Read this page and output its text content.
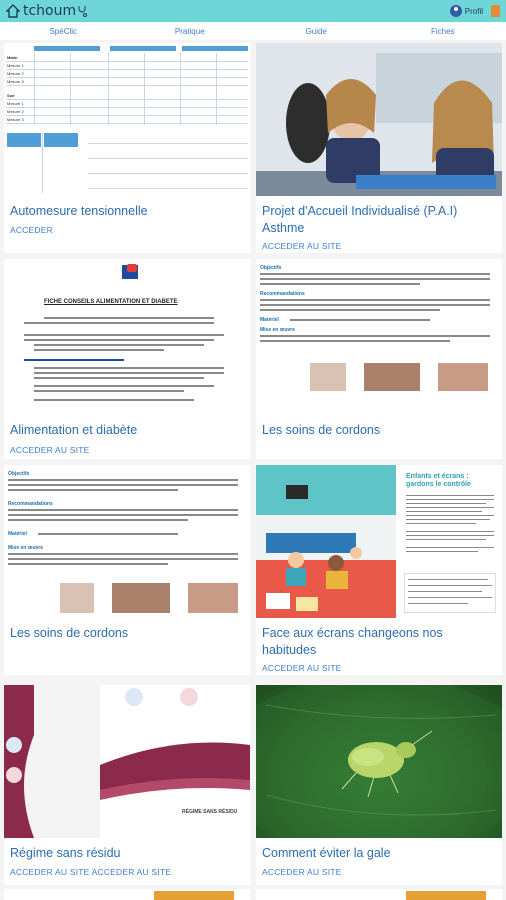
tchoum	Profil
SpéClic	Pratique	Guide	Fiches
Matin
Mesure 1
Mesure 2
Mesure 3
Soir
Mesure 1
Mesure 2
Mesure 3
Automesure tensionnelle
ACCEDER
Projet d'Accueil Individualisé (P.A.I) Asthme
ACCEDER AU SITE
FICHE CONSEILS ALIMENTATION ET DIABETE
Alimentation et diabète
ACCEDER AU SITE
Objectifs
Recommandations
Matériel
Mise en œuvre
Les soins de cordons
Objectifs
Recommandations
Matériel
Mise en œuvre
Les soins de cordons
Enfants et écrans : gardons le contrôle
Face aux écrans changeons nos habitudes
ACCEDER AU SITE
RÉGIME SANS RÉSIDU
Régime sans résidu
ACCEDER AU SITE ACCEDER AU SITE
Comment éviter la gale
ACCEDER AU SITE
